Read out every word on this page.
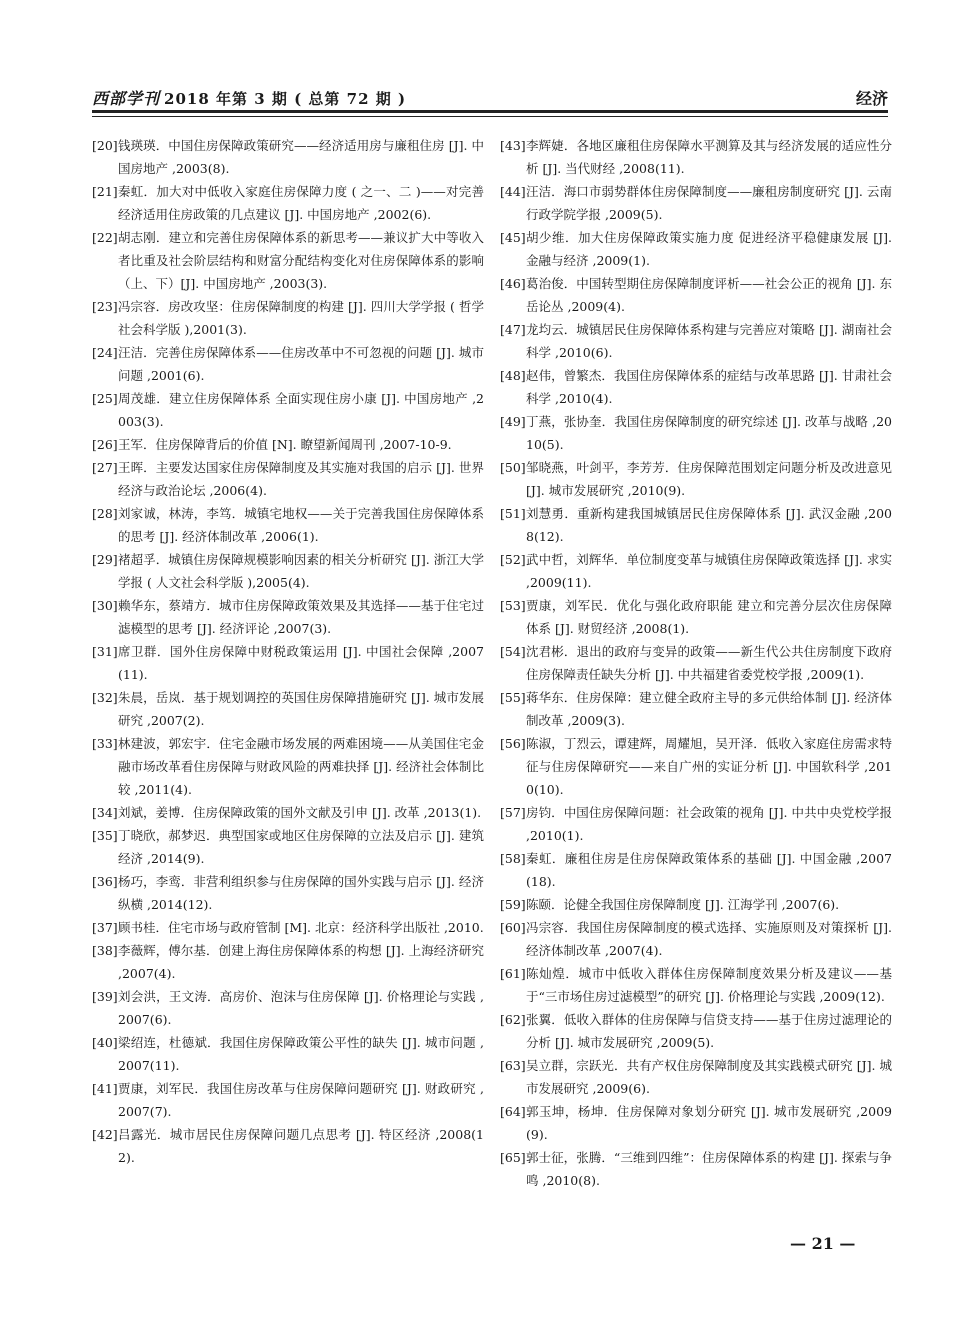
西部学刊 2018 年第 3 期 ( 总第 72 期 )	经济

[20] 钱瑛瑛．中国住房保障政策研究——经济适用房与廉租住房 [J]. 中国房地产 ,2003(8).

[21] 秦虹．加大对中低收入家庭住房保障力度 ( 之一、二 )——对完善经济适用住房政策的几点建议 [J]. 中国房地产 ,2002(6).

[22] 胡志刚．建立和完善住房保障体系的新思考——兼议扩大中等收入者比重及社会阶层结构和财富分配结构变化对住房保障体系的影响（上、下）[J]. 中国房地产 ,2003(3).

[23] 冯宗容．房改攻坚：住房保障制度的构建 [J]. 四川大学学报 ( 哲学社会科学版 ),2001(3).

[24] 汪洁．完善住房保障体系——住房改革中不可忽视的问题 [J]. 城市问题 ,2001(6).

[25] 周茂雄．建立住房保障体系 全面实现住房小康 [J]. 中国房地产 ,2003(3).

[26] 王军．住房保障背后的价值 [N]. 瞭望新闻周刊 ,2007-10-9.

[27] 王晖．主要发达国家住房保障制度及其实施对我国的启示 [J]. 世界经济与政治论坛 ,2006(4).

[28] 刘家诚，林涛，李笃．城镇宅地权——关于完善我国住房保障体系的思考 [J]. 经济体制改革 ,2006(1).

[29] 褚超孚．城镇住房保障规模影响因素的相关分析研究 [J]. 浙江大学学报 ( 人文社会科学版 ),2005(4).

[30] 赖华东，蔡靖方．城市住房保障政策效果及其选择——基于住宅过滤模型的思考 [J]. 经济评论 ,2007(3).

[31] 席卫群．国外住房保障中财税政策运用 [J]. 中国社会保障 ,2007(11).

[32] 朱晨，岳岚．基于规划调控的英国住房保障措施研究 [J]. 城市发展研究 ,2007(2).

[33] 林建波，郭宏宇．住宅金融市场发展的两难困境——从美国住宅金融市场改革看住房保障与财政风险的两难抉择 [J]. 经济社会体制比较 ,2011(4).

[34] 刘斌，姜博．住房保障政策的国外文献及引申 [J]. 改革 ,2013(1).

[35] 丁晓欣，郝梦迟．典型国家或地区住房保障的立法及启示 [J]. 建筑经济 ,2014(9).

[36] 杨巧，李鸾．非营利组织参与住房保障的国外实践与启示 [J]. 经济纵横 ,2014(12).

[37] 顾书桂．住宅市场与政府管制 [M]. 北京：经济科学出版社 ,2010.

[38] 李薇辉，傅尔基．创建上海住房保障体系的构想 [J]. 上海经济研究 ,2007(4).

[39] 刘会洪，王文涛．高房价、泡沫与住房保障 [J]. 价格理论与实践 ,2007(6).

[40] 梁绍连，杜德斌．我国住房保障政策公平性的缺失 [J]. 城市问题 ,2007(11).

[41] 贾康，刘军民．我国住房改革与住房保障问题研究 [J]. 财政研究 ,2007(7).

[42] 吕露光．城市居民住房保障问题几点思考 [J]. 特区经济 ,2008(12).

[43] 李辉婕．各地区廉租住房保障水平测算及其与经济发展的适应性分析 [J]. 当代财经 ,2008(11).

[44] 汪洁．海口市弱势群体住房保障制度——廉租房制度研究 [J]. 云南行政学院学报 ,2009(5).

[45] 胡少维．加大住房保障政策实施力度 促进经济平稳健康发展 [J]. 金融与经济 ,2009(1).

[46] 葛治俊．中国转型期住房保障制度评析——社会公正的视角 [J]. 东岳论丛 ,2009(4).

[47] 龙均云．城镇居民住房保障体系构建与完善应对策略 [J]. 湖南社会科学 ,2010(6).

[48] 赵伟，曾繁杰．我国住房保障体系的症结与改革思路 [J]. 甘肃社会科学 ,2010(4).

[49] 丁燕，张协奎．我国住房保障制度的研究综述 [J]. 改革与战略 ,2010(5).

[50] 邹晓燕，叶剑平，李芳芳．住房保障范围划定问题分析及改进意见 [J]. 城市发展研究 ,2010(9).

[51] 刘慧勇．重新构建我国城镇居民住房保障体系 [J]. 武汉金融 ,2008(12).

[52] 武中哲，刘辉华．单位制度变革与城镇住房保障政策选择 [J]. 求实 ,2009(11).

[53] 贾康，刘军民．优化与强化政府职能 建立和完善分层次住房保障体系 [J]. 财贸经济 ,2008(1).

[54] 沈君彬．退出的政府与变异的政策——新生代公共住房制度下政府住房保障责任缺失分析 [J]. 中共福建省委党校学报 ,2009(1).

[55] 蒋华东．住房保障：建立健全政府主导的多元供给体制 [J]. 经济体制改革 ,2009(3).

[56] 陈淑，丁烈云，谭建辉，周耀旭，吴开泽．低收入家庭住房需求特征与住房保障研究——来自广州的实证分析 [J]. 中国软科学 ,2010(10).

[57] 房钧．中国住房保障问题：社会政策的视角 [J]. 中共中央党校学报 ,2010(1).

[58] 秦虹．廉租住房是住房保障政策体系的基础 [J]. 中国金融 ,2007(18).

[59] 陈颐．论健全我国住房保障制度 [J]. 江海学刊 ,2007(6).

[60] 冯宗容．我国住房保障制度的模式选择、实施原则及对策探析 [J]. 经济体制改革 ,2007(4).

[61] 陈灿煌．城市中低收入群体住房保障制度效果分析及建议——基于“三市场住房过滤模型”的研究 [J]. 价格理论与实践 ,2009(12).

[62] 张翼．低收入群体的住房保障与信贷支持——基于住房过滤理论的分析 [J]. 城市发展研究 ,2009(5).

[63] 吴立群，宗跃光．共有产权住房保障制度及其实践模式研究 [J]. 城市发展研究 ,2009(6).

[64] 郭玉坤，杨坤．住房保障对象划分研究 [J]. 城市发展研究 ,2009(9).

[65] 郭士征，张腾．“三维到四维”：住房保障体系的构建 [J]. 探索与争鸣 ,2010(8).

— 21 —
